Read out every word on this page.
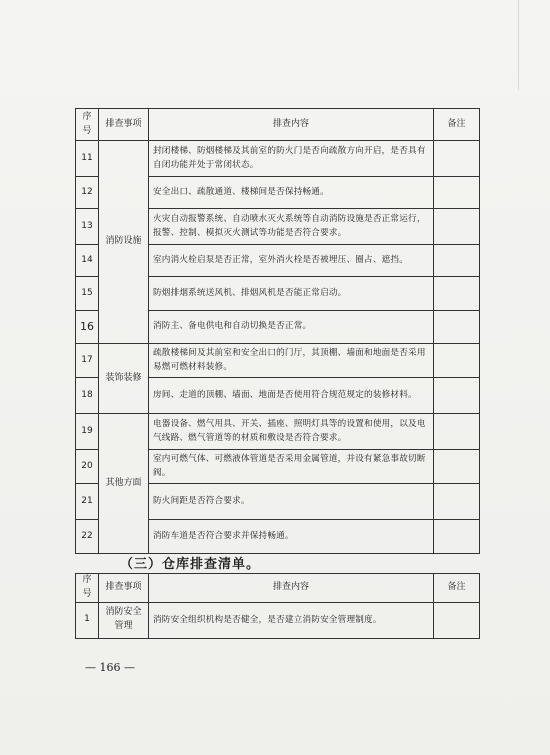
序号	排查事项	排查内容	备注
11	消防设施	封闭楼梯、防烟楼梯及其前室的防火门是否向疏散方向开启，是否具有自闭功能并处于常闭状态。	
12		安全出口、疏散通道、楼梯间是否保持畅通。	
13		火灾自动报警系统、自动喷水灭火系统等自动消防设施是否正常运行，报警、控制、模拟灭火测试等功能是否符合要求。	
14		室内消火栓启泵是否正常，室外消火栓是否被埋压、圈占、遮挡。	
15		防烟排烟系统送风机、排烟风机是否能正常启动。	
16		消防主、备电供电和自动切换是否正常。	
17	装饰装修	疏散楼梯间及其前室和安全出口的门厅，其顶棚、墙面和地面是否采用易燃可燃材料装修。	
18		房间、走道的顶棚、墙面、地面是否使用符合规范规定的装修材料。	
19	其他方面	电器设备、燃气用具、开关、插座、照明灯具等的设置和使用，以及电气线路、燃气管道等的材质和敷设是否符合要求。	
20		室内可燃气体、可燃液体管道是否采用金属管道，并设有紧急事故切断阀。	
21		防火间距是否符合要求。	
22		消防车道是否符合要求并保持畅通。	
（三）仓库排查清单。
序号	排查事项	排查内容	备注
1	消防安全管理	消防安全组织机构是否健全，是否建立消防安全管理制度。	
— 166 —
